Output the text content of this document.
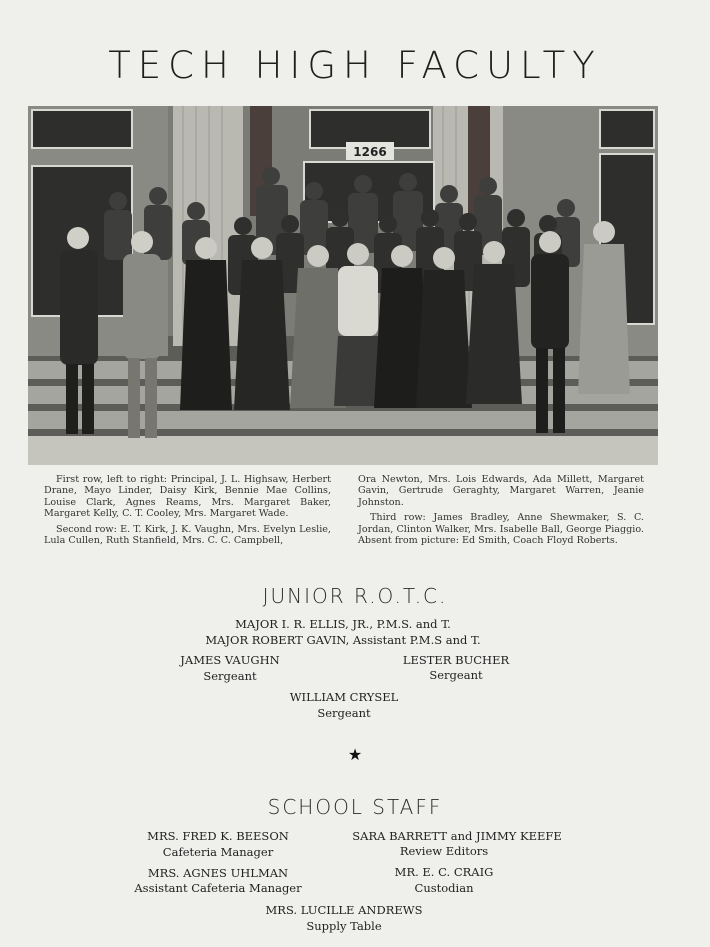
TECH HIGH FACULTY
1266

First row, left to right: Principal, J. L. Highsaw, Herbert Drane, Mayo Linder, Daisy Kirk, Bennie Mae Collins, Louise Clark, Agnes Reams, Mrs. Margaret Baker, Margaret Kelly, C. T. Cooley, Mrs. Margaret Wade.

Second row: E. T. Kirk, J. K. Vaughn, Mrs. Evelyn Leslie, Lula Cullen, Ruth Stanfield, Mrs. C. C. Campbell,

Ora Newton, Mrs. Lois Edwards, Ada Millett, Margaret Gavin, Gertrude Geraghty, Margaret Warren, Jeanie Johnston.

Third row: James Bradley, Anne Shewmaker, S. C. Jordan, Clinton Walker, Mrs. Isabelle Ball, George Piaggio. Absent from picture: Ed Smith, Coach Floyd Roberts.

JUNIOR R.O.T.C.
MAJOR I. R. ELLIS, JR., P.M.S. and T.
MAJOR ROBERT GAVIN, Assistant P.M.S and T.
JAMES VAUGHN
Sergeant
LESTER BUCHER
Sergeant
WILLIAM CRYSEL
Sergeant
★
SCHOOL STAFF
MRS. FRED K. BEESON
Cafeteria Manager
SARA BARRETT and JIMMY KEEFE
Review Editors
MRS. AGNES UHLMAN
Assistant Cafeteria Manager
MR. E. C. CRAIG
Custodian
MRS. LUCILLE ANDREWS
Supply Table
